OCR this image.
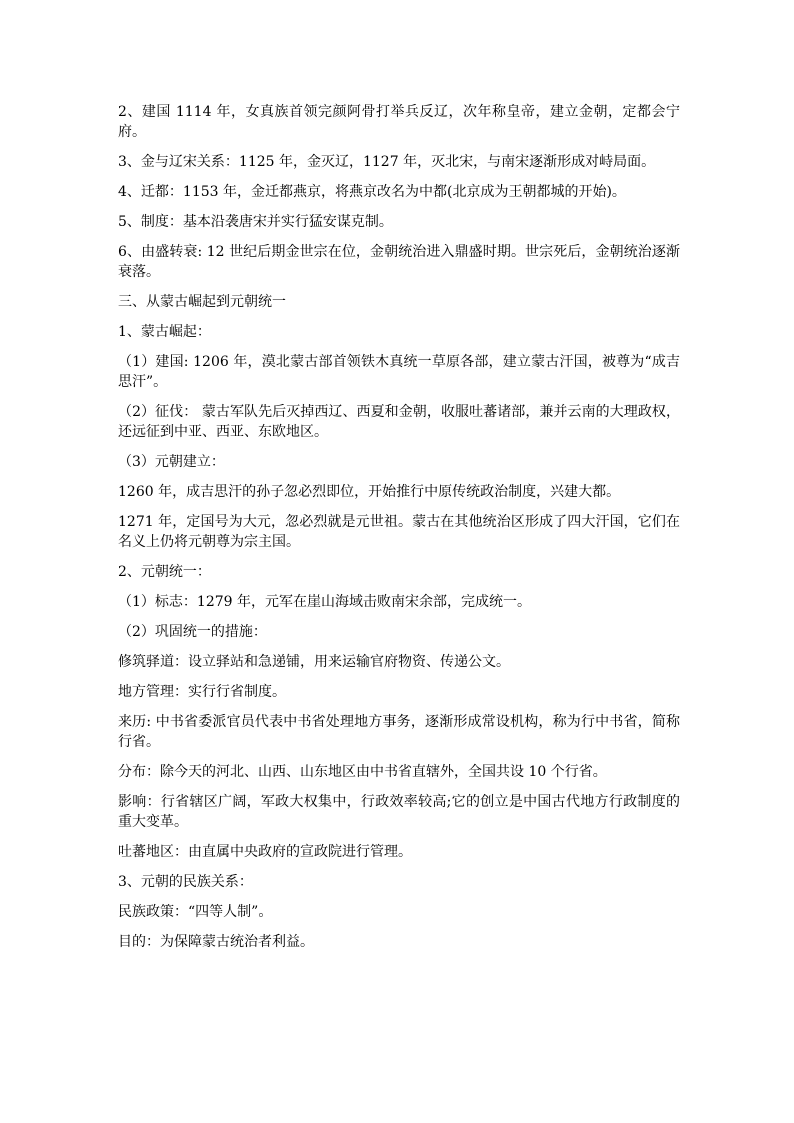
2、建国 1114 年，女真族首领完颜阿骨打举兵反辽，次年称皇帝，建立金朝，定都会宁府。

3、金与辽宋关系：1125 年，金灭辽，1127 年，灭北宋，与南宋逐渐形成对峙局面。

4、迁都：1153 年，金迁都燕京，将燕京改名为中都(北京成为王朝都城的开始)。

5、制度：基本沿袭唐宋并实行猛安谋克制。

6、由盛转衰: 12 世纪后期金世宗在位，金朝统治进入鼎盛时期。世宗死后，金朝统治逐渐衰落。

三、从蒙古崛起到元朝统一

1、蒙古崛起：

（1）建国: 1206 年，漠北蒙古部首领铁木真统一草原各部，建立蒙古汗国，被尊为“成吉思汗”。

（2）征伐： 蒙古军队先后灭掉西辽、西夏和金朝，收服吐蕃诸部，兼并云南的大理政权，还远征到中亚、西亚、东欧地区。

（3）元朝建立：

1260 年，成吉思汗的孙子忽必烈即位，开始推行中原传统政治制度，兴建大都。

1271 年，定国号为大元，忽必烈就是元世祖。蒙古在其他统治区形成了四大汗国，它们在名义上仍将元朝尊为宗主国。

2、元朝统一：

（1）标志：1279 年，元军在崖山海域击败南宋余部，完成统一。

（2）巩固统一的措施：

修筑驿道：设立驿站和急递铺，用来运输官府物资、传递公文。

地方管理：实行行省制度。

来历: 中书省委派官员代表中书省处理地方事务，逐渐形成常设机构，称为行中书省，简称行省。

分布：除今天的河北、山西、山东地区由中书省直辖外，全国共设 10 个行省。

影响：行省辖区广阔，军政大权集中，行政效率较高;它的创立是中国古代地方行政制度的重大变革。

吐蕃地区：由直属中央政府的宣政院进行管理。

3、元朝的民族关系：

民族政策：“四等人制”。

目的：为保障蒙古统治者利益。
